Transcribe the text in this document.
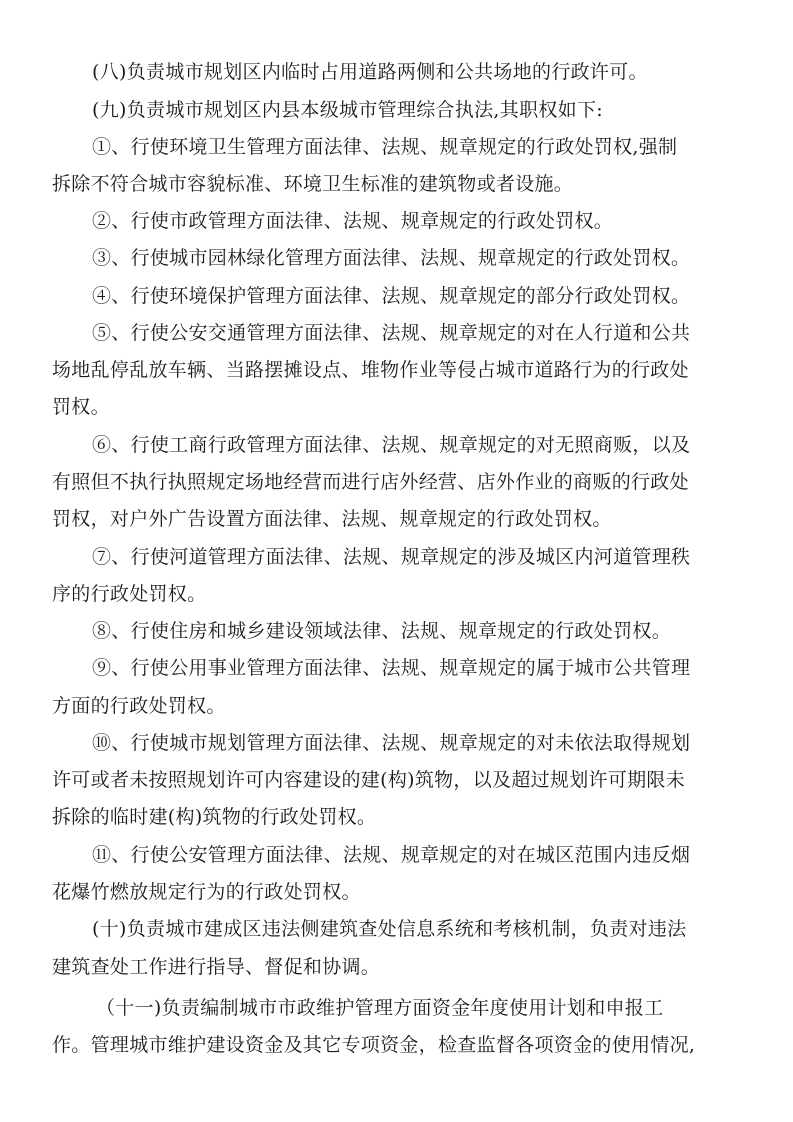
(八)负责城市规划区内临时占用道路两侧和公共场地的行政许可。
(九)负责城市规划区内县本级城市管理综合执法,其职权如下:
①、行使环境卫生管理方面法律、法规、规章规定的行政处罚权,强制
拆除不符合城市容貌标准、环境卫生标准的建筑物或者设施。
②、行使市政管理方面法律、法规、规章规定的行政处罚权。
③、行使城市园林绿化管理方面法律、法规、规章规定的行政处罚权。
④、行使环境保护管理方面法律、法规、规章规定的部分行政处罚权。
⑤、行使公安交通管理方面法律、法规、规章规定的对在人行道和公共
场地乱停乱放车辆、当路摆摊设点、堆物作业等侵占城市道路行为的行政处
罚权。
⑥、行使工商行政管理方面法律、法规、规章规定的对无照商贩，以及
有照但不执行执照规定场地经营而进行店外经营、店外作业的商贩的行政处
罚权，对户外广告设置方面法律、法规、规章规定的行政处罚权。
⑦、行使河道管理方面法律、法规、规章规定的涉及城区内河道管理秩
序的行政处罚权。
⑧、行使住房和城乡建设领域法律、法规、规章规定的行政处罚权。
⑨、行使公用事业管理方面法律、法规、规章规定的属于城市公共管理
方面的行政处罚权。
⑩、行使城市规划管理方面法律、法规、规章规定的对未依法取得规划
许可或者未按照规划许可内容建设的建(构)筑物，以及超过规划许可期限未
拆除的临时建(构)筑物的行政处罚权。
⑪、行使公安管理方面法律、法规、规章规定的对在城区范围内违反烟
花爆竹燃放规定行为的行政处罚权。
(十)负责城市建成区违法侧建筑查处信息系统和考核机制，负责对违法
建筑查处工作进行指导、督促和协调。
（十一)负责编制城市市政维护管理方面资金年度使用计划和申报工
作。管理城市维护建设资金及其它专项资金，检查监督各项资金的使用情况,
